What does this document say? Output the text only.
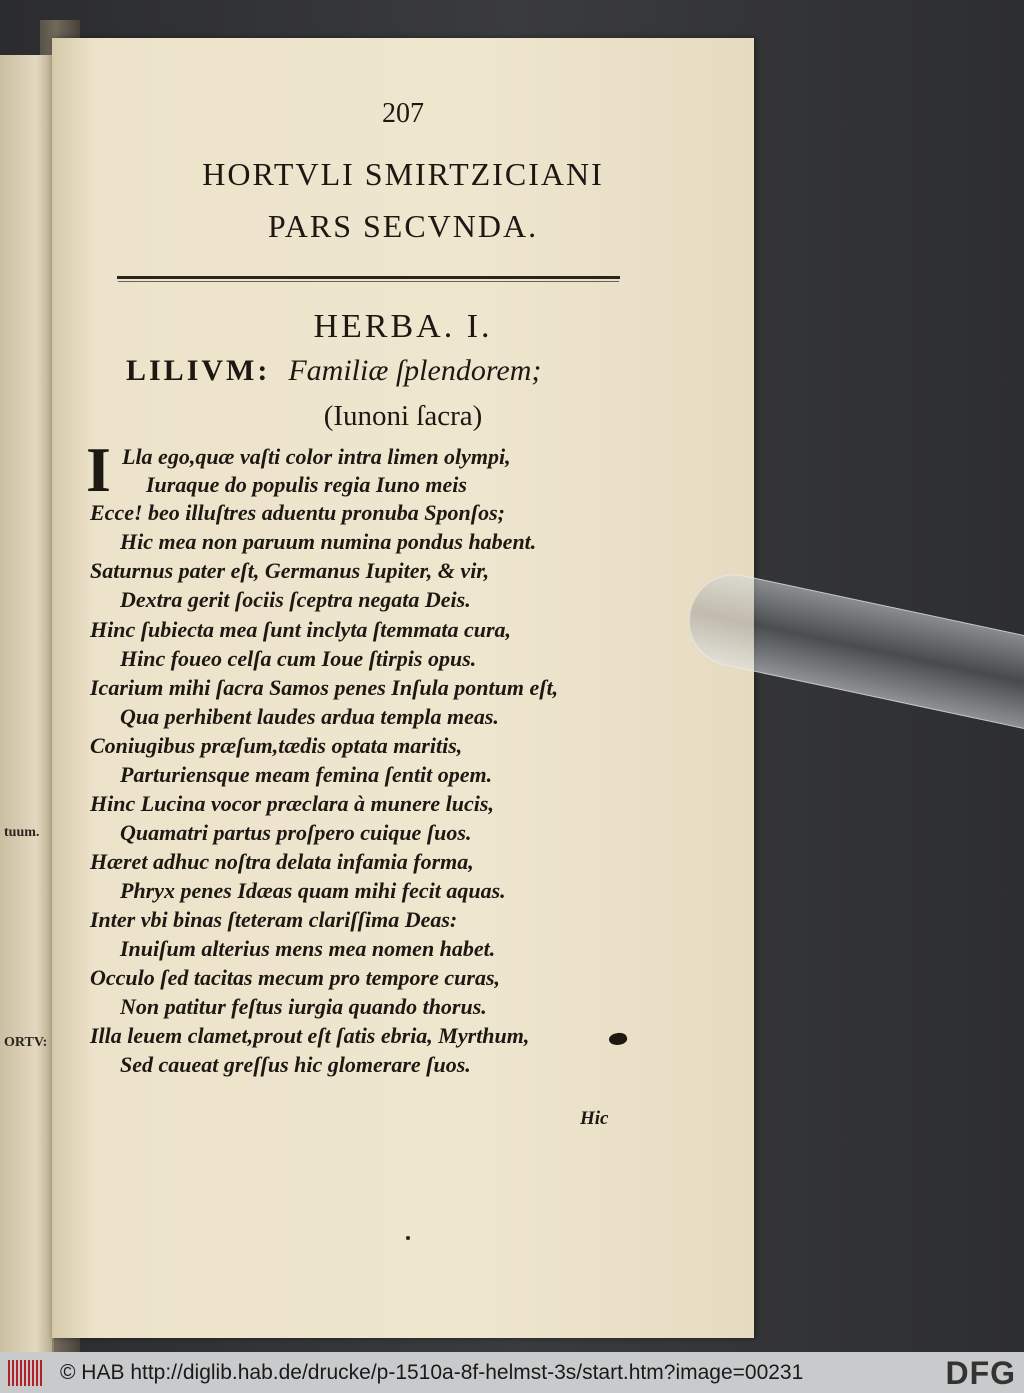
tuum.
ORTV:
207
HORTVLI SMIRTZICIANI
PARS SECVNDA.
HERBA. I.
LILIVM: Familiæ ſplendorem;
(Iunoni ſacra)
I Lla ego,quæ vaſti color intra limen olympi,
Iuraque do populis regia Iuno meis
Ecce! beo illuſtres aduentu pronuba Sponſos;
Hic mea non paruum numina pondus habent.
Saturnus pater eſt, Germanus Iupiter, & vir,
Dextra gerit ſociis ſceptra negata Deis.
Hinc ſubiecta mea ſunt inclyta ſtemmata cura,
Hinc foueo celſa cum Ioue ſtirpis opus.
Icarium mihi ſacra Samos penes Inſula pontum eſt,
Qua perhibent laudes ardua templa meas.
Coniugibus præſum,tædis optata maritis,
Parturiensque meam femina ſentit opem.
Hinc Lucina vocor præclara à munere lucis,
Quamatri partus proſpero cuique ſuos.
Hæret adhuc noſtra delata infamia forma,
Phryx penes Idæas quam mihi fecit aquas.
Inter vbi binas ſteteram clariſſima Deas:
Inuiſum alterius mens mea nomen habet.
Occulo ſed tacitas mecum pro tempore curas,
Non patitur feſtus iurgia quando thorus.
Illa leuem clamet,prout eſt ſatis ebria, Myrthum,
Sed caueat greſſus hic glomerare ſuos.
Hic
© HAB http://diglib.hab.de/drucke/p-1510a-8f-helmst-3s/start.htm?image=00231	DFG
